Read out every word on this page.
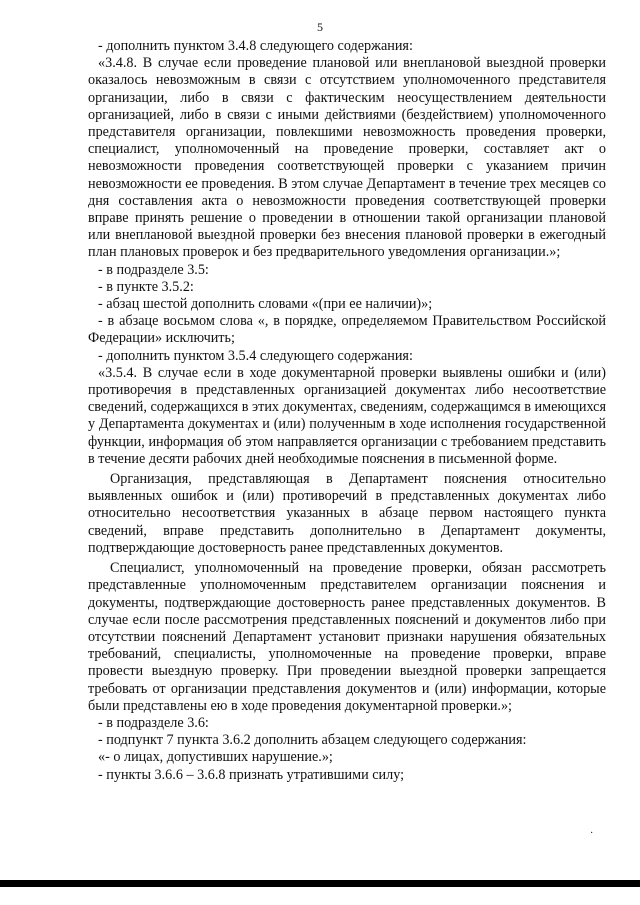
5

- дополнить пунктом 3.4.8 следующего содержания:

«3.4.8. В случае если проведение плановой или внеплановой выездной проверки оказалось невозможным в связи с отсутствием уполномоченного представителя организации, либо в связи с фактическим неосуществлением деятельности организацией, либо в связи с иными действиями (бездействием) уполномоченного представителя организации, повлекшими невозможность проведения проверки, специалист, уполномоченный на проведение проверки, составляет акт о невозможности проведения соответствующей проверки с указанием причин невозможности ее проведения. В этом случае Департамент в течение трех месяцев со дня составления акта о невозможности проведения соответствующей проверки вправе принять решение о проведении в отношении такой организации плановой или внеплановой выездной проверки без внесения плановой проверки в ежегодный план плановых проверок и без предварительного уведомления организации.»;

- в подразделе 3.5:

- в пункте 3.5.2:

- абзац шестой дополнить словами «(при ее наличии)»;

- в абзаце восьмом слова «, в порядке, определяемом Правительством Российской Федерации» исключить;

- дополнить пунктом 3.5.4 следующего содержания:

«3.5.4. В случае если в ходе документарной проверки выявлены ошибки и (или) противоречия в представленных организацией документах либо несоответствие сведений, содержащихся в этих документах, сведениям, содержащимся в имеющихся у Департамента документах и (или) полученным в ходе исполнения государственной функции, информация об этом направляется организации с требованием представить в течение десяти рабочих дней необходимые пояснения в письменной форме.

Организация, представляющая в Департамент пояснения относительно выявленных ошибок и (или) противоречий в представленных документах либо относительно несоответствия указанных в абзаце первом настоящего пункта сведений, вправе представить дополнительно в Департамент документы, подтверждающие достоверность ранее представленных документов.

Специалист, уполномоченный на проведение проверки, обязан рассмотреть представленные уполномоченным представителем организации пояснения и документы, подтверждающие достоверность ранее представленных документов. В случае если после рассмотрения представленных пояснений и документов либо при отсутствии пояснений Департамент установит признаки нарушения обязательных требований, специалисты, уполномоченные на проведение проверки, вправе провести выездную проверку. При проведении выездной проверки запрещается требовать от организации представления документов и (или) информации, которые были представлены ею в ходе проведения документарной проверки.»;

- в подразделе 3.6:

- подпункт 7 пункта 3.6.2 дополнить абзацем следующего содержания:

«- о лицах, допустивших нарушение.»;

- пункты 3.6.6 – 3.6.8 признать утратившими силу;

·
